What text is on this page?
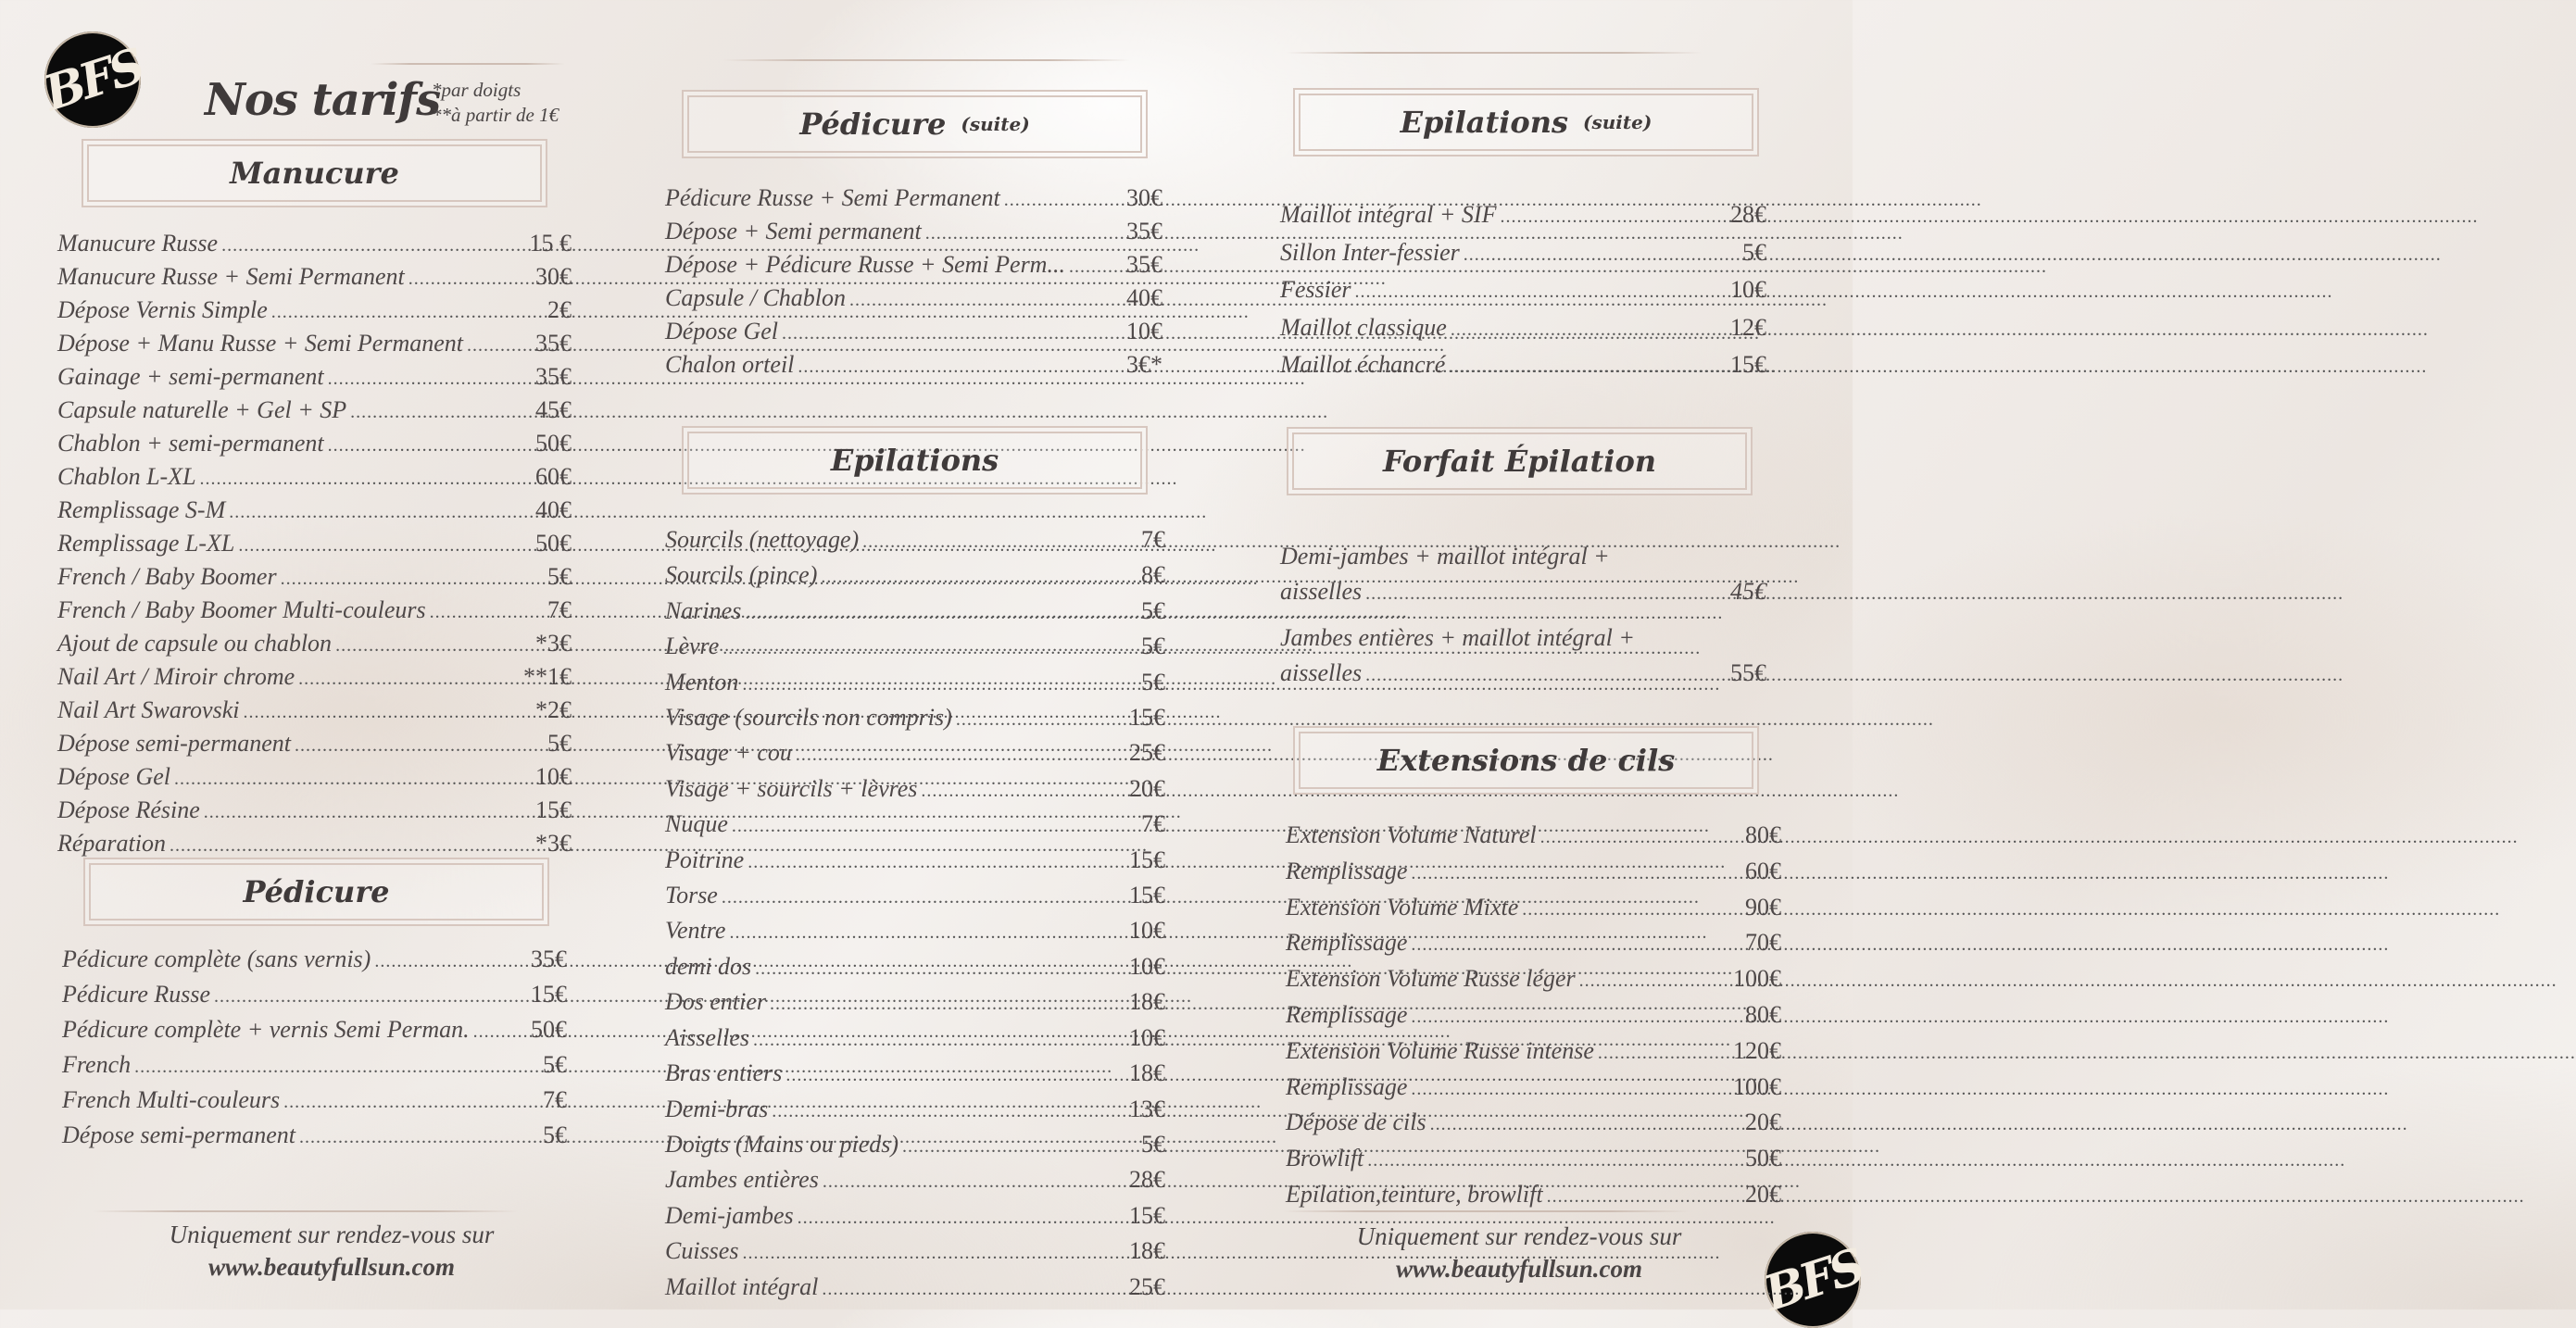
BFS
BFS
Nos tarifs
*par doigts
**à partir de 1€
Manucure
Manucure Russe .....	15 €
Manucure Russe + Semi Permanent .....	30€
Dépose Vernis Simple .....	2€
Dépose + Manu Russe + Semi Permanent .....	35€
Gainage + semi-permanent .....	35€
Capsule naturelle + Gel + SP .....	45€
Chablon + semi-permanent .....	50€
Chablon L-XL .....	60€
Remplissage S-M .....	40€
Remplissage L-XL .....	50€
French / Baby Boomer .....	5€
French / Baby Boomer Multi-couleurs .....	7€
Ajout de capsule ou chablon .....	*3€
Nail Art / Miroir chrome .....	**1€
Nail Art Swarovski .....	*2€
Dépose semi-permanent .....	5€
Dépose Gel .....	10€
Dépose Résine .....	15€
Réparation .....	*3€
Pédicure
Pédicure complète (sans vernis) .....	35€
Pédicure Russe .....	15€
Pédicure complète + vernis Semi Perman. .....	50€
French .....	5€
French Multi-couleurs .....	7€
Dépose semi-permanent .....	5€
Uniquement sur rendez-vous sur
www.beautyfullsun.com
Pédicure (suite)
Pédicure Russe + Semi Permanent .....	30€
Dépose + Semi permanent .....	35€
Dépose + Pédicure Russe + Semi Perm... .....	35€
Capsule / Chablon .....	40€
Dépose Gel .....	10€
Chalon orteil .....	3€*
Epilations
Sourcils (nettoyage) .....	7€
Sourcils (pince) .....	8€
Narines .....	5€
Lèvre .....	5€
Menton .....	5€
Visage (sourcils non compris) .....	15€
Visage + cou .....	25€
Visage + sourcils + lèvres .....	20€
Nuque .....	7€
Poitrine .....	15€
Torse .....	15€
Ventre .....	10€
demi dos .....	10€
Dos entier .....	18€
Aisselles .....	10€
Bras entiers .....	18€
Demi-bras .....	13€
Doigts (Mains ou pieds) .....	5€
Jambes entières .....	28€
Demi-jambes .....	15€
Cuisses .....	18€
Maillot intégral .....	25€
Epilations (suite)
Maillot intégral + SIF .....	28€
Sillon Inter-fessier .....	5€
Fessier .....	10€
Maillot classique .....	12€
Maillot échancré .....	15€
Forfait Épilation
Demi-jambes + maillot intégral +
aisselles .....	45€
Jambes entières + maillot intégral +
aisselles .....	55€
Extensions de cils
Extension Volume Naturel .....	80€
Remplissage .....	60€
Extension Volume Mixte .....	90€
Remplissage .....	70€
Extension Volume Russe léger .....	100€
Remplissage .....	80€
Extension Volume Russe intense .....	120€
Remplissage .....	100€
Dépose de cils .....	20€
Browlift .....	50€
Epilation,teinture, browlift .....	20€
Uniquement sur rendez-vous sur
www.beautyfullsun.com
